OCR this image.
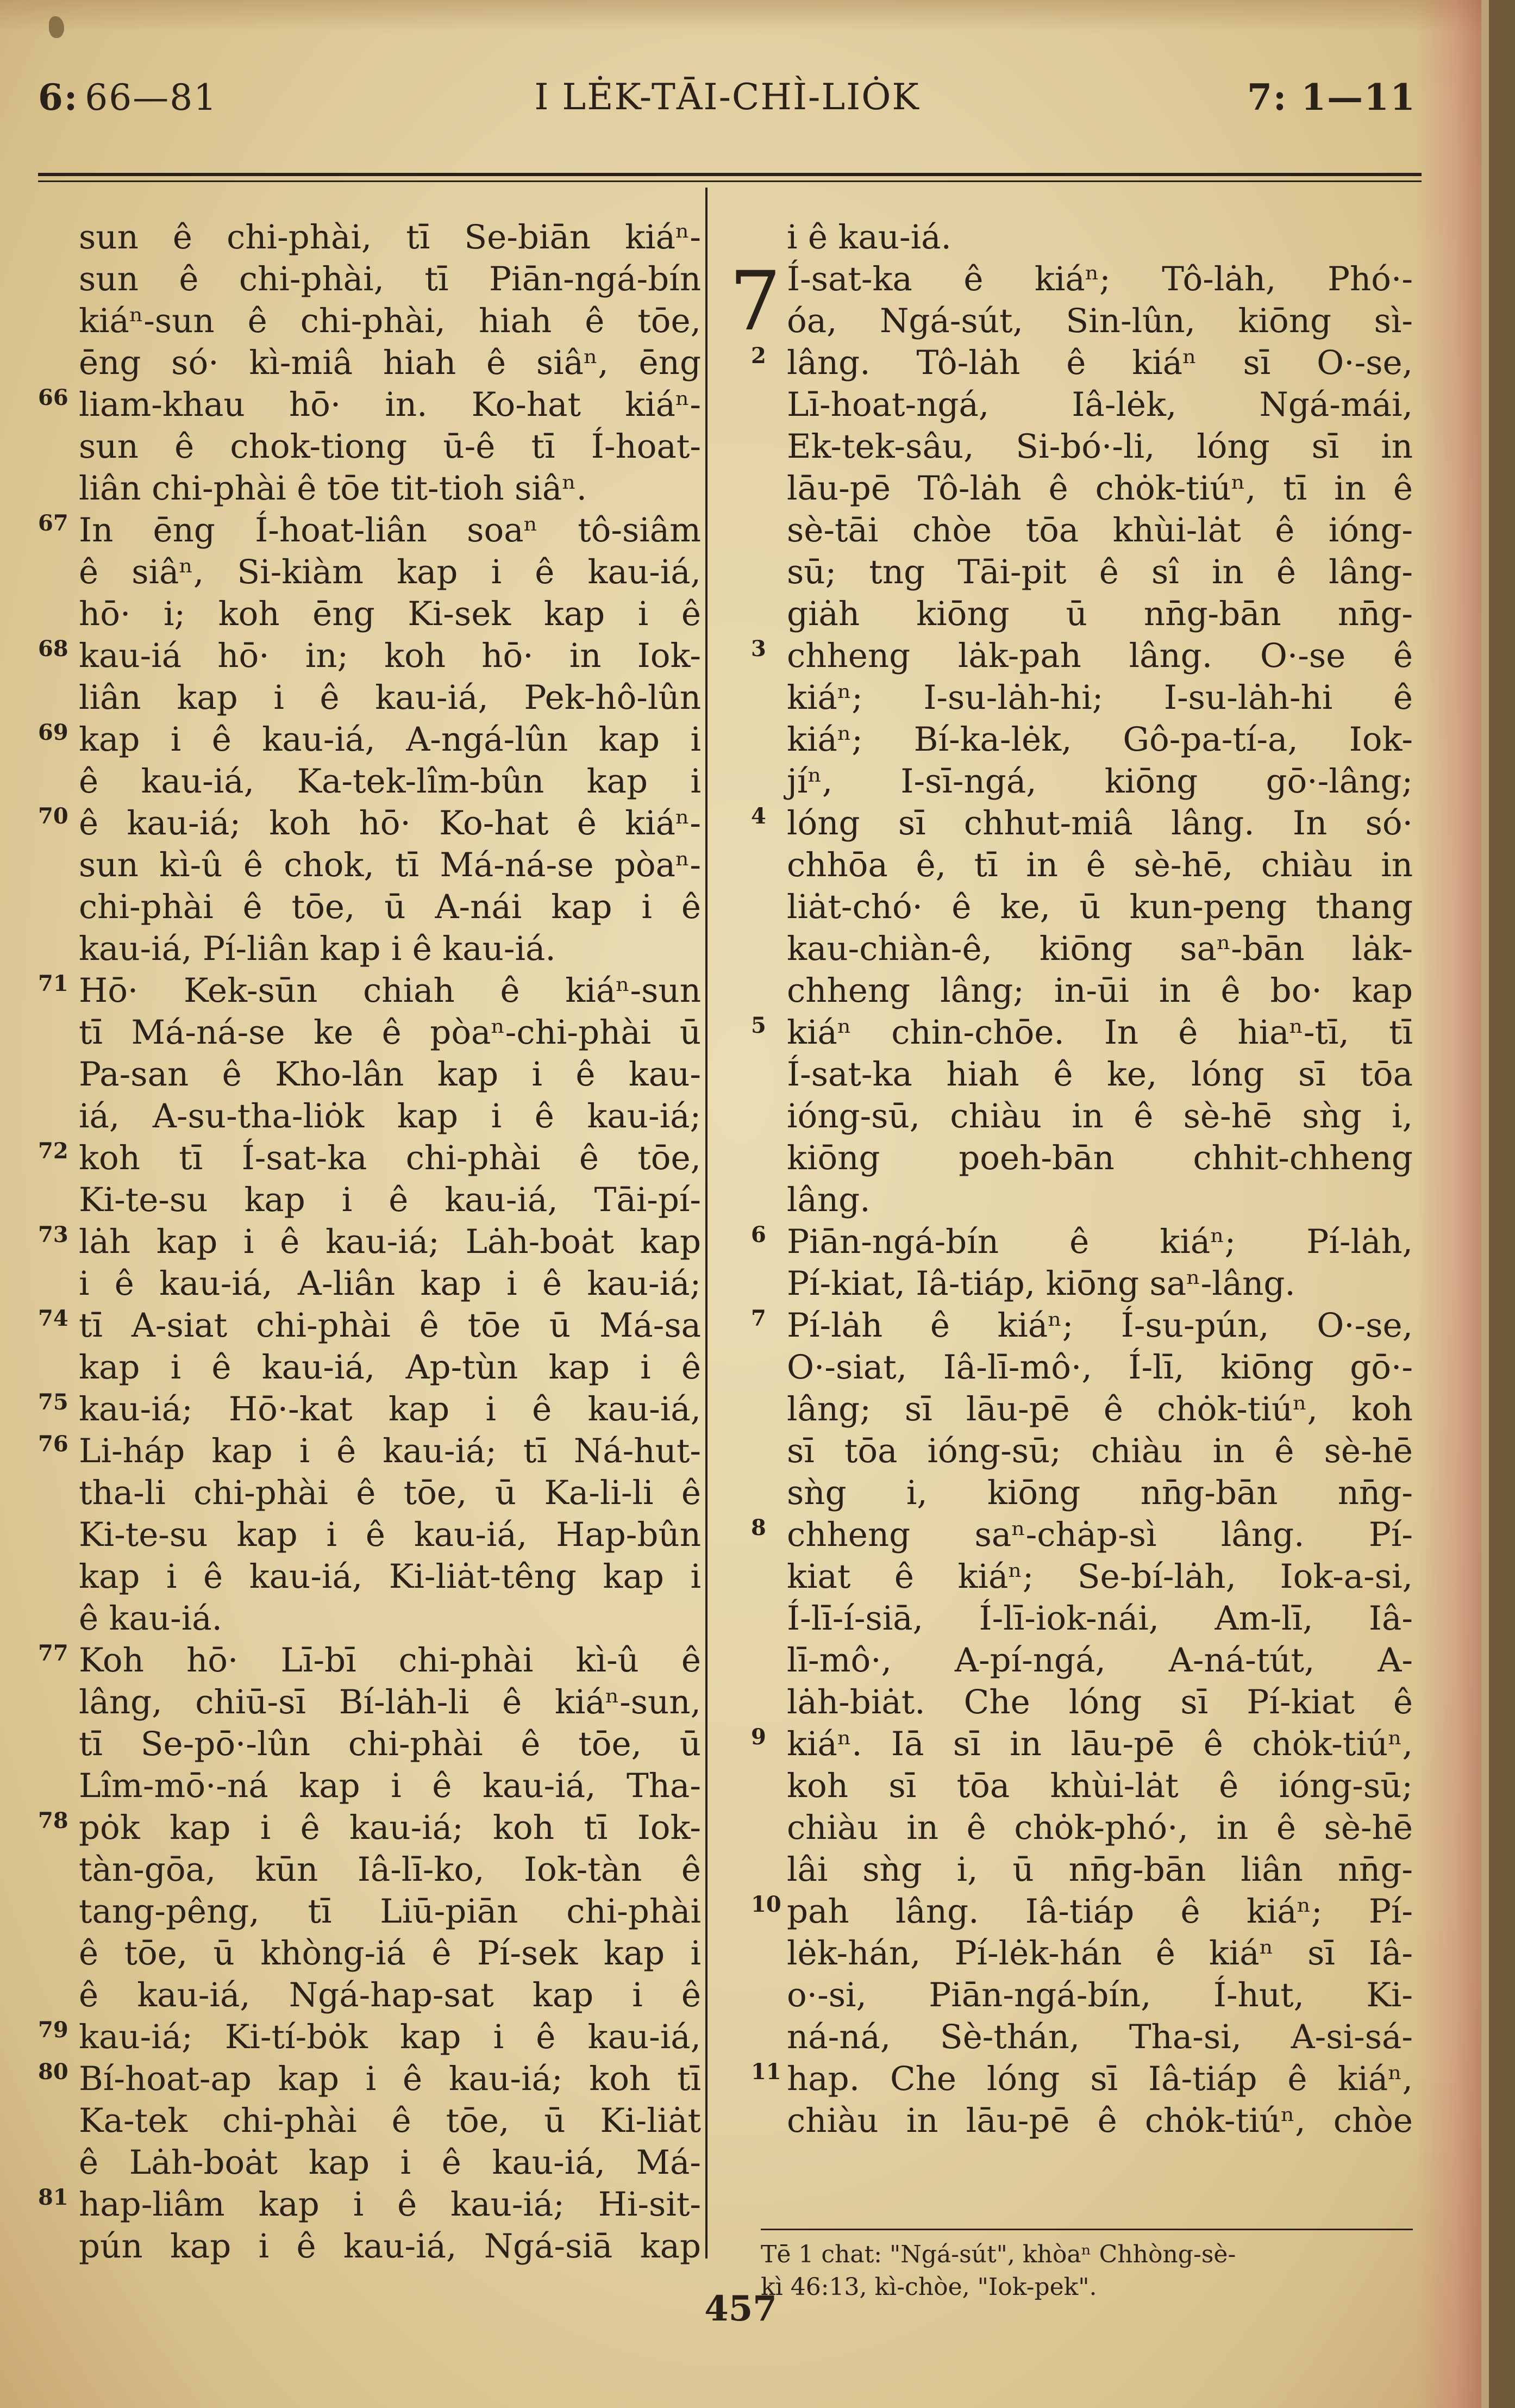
6: 66—81	I LĖK-TĀI-CHÌ-LIȮK	7: 1—11
sun ê chi-phài, tī Se-biān kiáⁿ-
sun ê chi-phài, tī Piān-ngá-bín
kiáⁿ-sun ê chi-phài, hiah ê tōe,
ēng só· kì-miâ hiah ê siâⁿ, ēng
66 liam-khau hō· in. Ko-hat kiáⁿ-
sun ê chok-tiong ū-ê tī Í-hoat-
liân chi-phài ê tōe tit-tioh siâⁿ.
67 In ēng Í-hoat-liân soaⁿ tô-siâm
ê siâⁿ, Si-kiàm kap i ê kau-iá,
hō· i; koh ēng Ki-sek kap i ê
68 kau-iá hō· in; koh hō· in Iok-
liân kap i ê kau-iá, Pek-hô-lûn
69 kap i ê kau-iá, A-ngá-lûn kap i
ê kau-iá, Ka-tek-lîm-bûn kap i
70 ê kau-iá; koh hō· Ko-hat ê kiáⁿ-
sun kì-û ê chok, tī Má-ná-se pòaⁿ-
chi-phài ê tōe, ū A-nái kap i ê
kau-iá, Pí-liân kap i ê kau-iá.
71 Hō· Kek-sūn chiah ê kiáⁿ-sun
tī Má-ná-se ke ê pòaⁿ-chi-phài ū
Pa-san ê Kho-lân kap i ê kau-
iá, A-su-tha-liȯk kap i ê kau-iá;
72 koh tī Í-sat-ka chi-phài ê tōe,
Ki-te-su kap i ê kau-iá, Tāi-pí-
73 lȧh kap i ê kau-iá; Lȧh-boȧt kap
i ê kau-iá, A-liân kap i ê kau-iá;
74 tī A-siat chi-phài ê tōe ū Má-sa
kap i ê kau-iá, Ap-tùn kap i ê
75 kau-iá; Hō·-kat kap i ê kau-iá,
76 Li-háp kap i ê kau-iá; tī Ná-hut-
tha-li chi-phài ê tōe, ū Ka-li-li ê
Ki-te-su kap i ê kau-iá, Hap-bûn
kap i ê kau-iá, Ki-liȧt-têng kap i
ê kau-iá.
77 Koh hō· Lī-bī chi-phài kì-û ê
lâng, chiū-sī Bí-lȧh-li ê kiáⁿ-sun,
tī Se-pō·-lûn chi-phài ê tōe, ū
Lîm-mō·-ná kap i ê kau-iá, Tha-
78 pȯk kap i ê kau-iá; koh tī Iok-
tàn-gōa, kūn Iâ-lī-ko, Iok-tàn ê
tang-pêng, tī Liū-piān chi-phài
ê tōe, ū khòng-iá ê Pí-sek kap i
ê kau-iá, Ngá-hap-sat kap i ê
79 kau-iá; Ki-tí-bȯk kap i ê kau-iá,
80 Bí-hoat-ap kap i ê kau-iá; koh tī
Ka-tek chi-phài ê tōe, ū Ki-liȧt
ê Lȧh-boȧt kap i ê kau-iá, Má-
81 hap-liâm kap i ê kau-iá; Hi-sit-
pún kap i ê kau-iá, Ngá-siā kap
7
i ê kau-iá.
Í-sat-ka ê kiáⁿ; Tô-lȧh, Phó·-
óa, Ngá-sút, Sin-lûn, kiōng sì-
2 lâng. Tô-lȧh ê kiáⁿ sī O·-se,
Lī-hoat-ngá, Iâ-lėk, Ngá-mái,
Ek-tek-sâu, Si-bó·-li, lóng sī in
lāu-pē Tô-lȧh ê chȯk-tiúⁿ, tī in ê
sè-tāi chòe tōa khùi-lȧt ê ióng-
sū; tng Tāi-pit ê sî in ê lâng-
giȧh kiōng ū nn̄g-bān nn̄g-
3 chheng lȧk-pah lâng. O·-se ê
kiáⁿ; I-su-lȧh-hi; I-su-lȧh-hi ê
kiáⁿ; Bí-ka-lėk, Gô-pa-tí-a, Iok-
jíⁿ, I-sī-ngá, kiōng gō·-lâng;
4 lóng sī chhut-miâ lâng. In só·
chhōa ê, tī in ê sè-hē, chiàu in
liȧt-chó· ê ke, ū kun-peng thang
kau-chiàn-ê, kiōng saⁿ-bān lȧk-
chheng lâng; in-ūi in ê bo· kap
5 kiáⁿ chin-chōe. In ê hiaⁿ-tī, tī
Í-sat-ka hiah ê ke, lóng sī tōa
ióng-sū, chiàu in ê sè-hē sǹg i,
kiōng poeh-bān chhit-chheng
lâng.
6 Piān-ngá-bín ê kiáⁿ; Pí-lȧh,
Pí-kiat, Iâ-tiáp, kiōng saⁿ-lâng.
7 Pí-lȧh ê kiáⁿ; Í-su-pún, O·-se,
O·-siat, Iâ-lī-mô·, Í-lī, kiōng gō·-
lâng; sī lāu-pē ê chȯk-tiúⁿ, koh
sī tōa ióng-sū; chiàu in ê sè-hē
sǹg i, kiōng nn̄g-bān nn̄g-
8 chheng saⁿ-chȧp-sì lâng. Pí-
kiat ê kiáⁿ; Se-bí-lȧh, Iok-a-si,
Í-lī-í-siā, Í-lī-iok-nái, Am-lī, Iâ-
lī-mô·, A-pí-ngá, A-ná-tút, A-
lȧh-biȧt. Che lóng sī Pí-kiat ê
9 kiáⁿ. Iā sī in lāu-pē ê chȯk-tiúⁿ,
koh sī tōa khùi-lȧt ê ióng-sū;
chiàu in ê chȯk-phó·, in ê sè-hē
lâi sǹg i, ū nn̄g-bān liân nn̄g-
10 pah lâng. Iâ-tiáp ê kiáⁿ; Pí-
lėk-hán, Pí-lėk-hán ê kiáⁿ sī Iâ-
o·-si, Piān-ngá-bín, Í-hut, Ki-
ná-ná, Sè-thán, Tha-si, A-si-sá-
11 hap. Che lóng sī Iâ-tiáp ê kiáⁿ,
chiàu in lāu-pē ê chȯk-tiúⁿ, chòe
Tē 1 chat: "Ngá-sút", khòaⁿ Chhòng-sè-
kì 46:13, kì-chòe, "Iok-pek".
457
